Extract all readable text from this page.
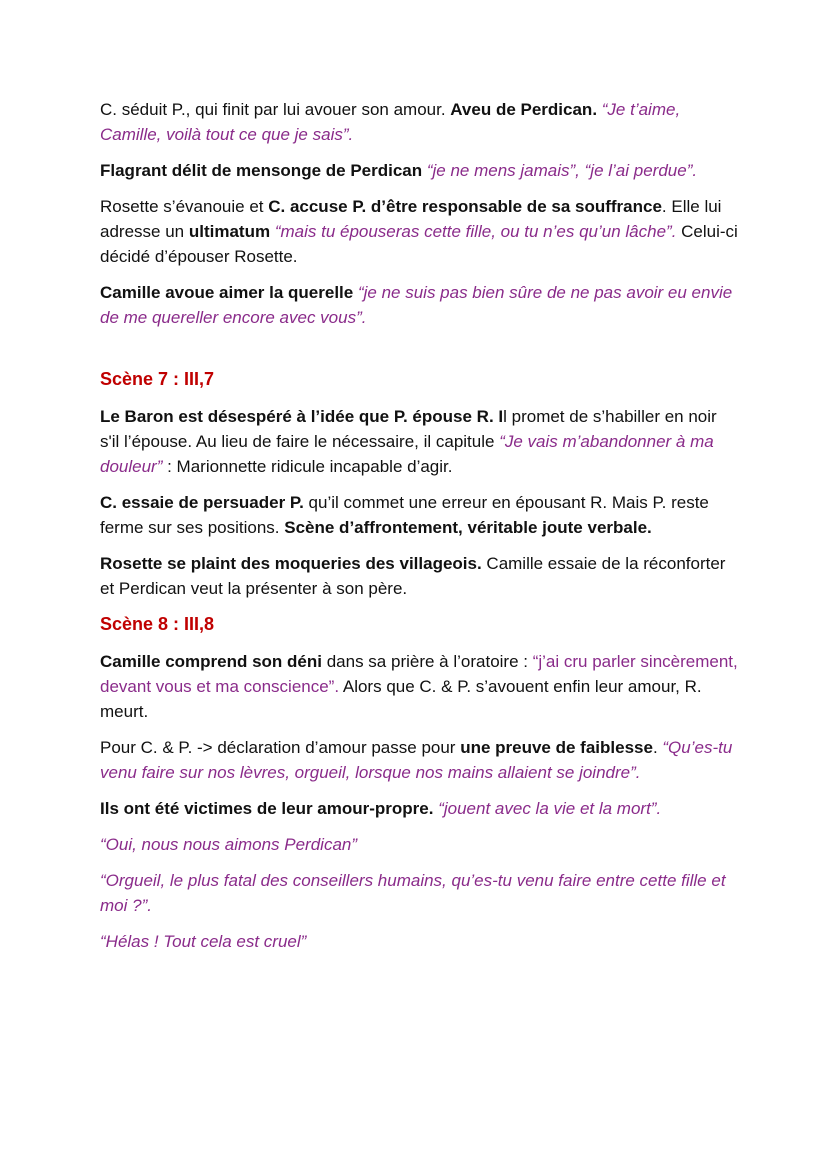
C. séduit P., qui finit par lui avouer son amour. Aveu de Perdican. “Je t’aime, Camille, voilà tout ce que je sais”.

Flagrant délit de mensonge de Perdican “je ne mens jamais”, “je l’ai perdue”.

Rosette s’évanouie et C. accuse P. d’être responsable de sa souffrance. Elle lui adresse un ultimatum “mais tu épouseras cette fille, ou tu n’es qu’un lâche”. Celui-ci décidé d’épouser Rosette.

Camille avoue aimer la querelle “je ne suis pas bien sûre de ne pas avoir eu envie de me quereller encore avec vous”.

Scène 7 : III,7

Le Baron est désespéré à l’idée que P. épouse R. Il promet de s’habiller en noir s'il l’épouse. Au lieu de faire le nécessaire, il capitule “Je vais m’abandonner à ma douleur” : Marionnette ridicule incapable d’agir.

C. essaie de persuader P. qu’il commet une erreur en épousant R. Mais P. reste ferme sur ses positions. Scène d’affrontement, véritable joute verbale.

Rosette se plaint des moqueries des villageois. Camille essaie de la réconforter et Perdican veut la présenter à son père.

Scène 8 : III,8

Camille comprend son déni dans sa prière à l’oratoire : “j’ai cru parler sincèrement, devant vous et ma conscience”. Alors que C. & P. s’avouent enfin leur amour, R. meurt.

Pour C. & P. -> déclaration d’amour passe pour une preuve de faiblesse. “Qu’es-tu venu faire sur nos lèvres, orgueil, lorsque nos mains allaient se joindre”.

Ils ont été victimes de leur amour-propre. “jouent avec la vie et la mort”.

“Oui, nous nous aimons Perdican”

“Orgueil, le plus fatal des conseillers humains, qu’es-tu venu faire entre cette fille et moi ?”.

“Hélas ! Tout cela est cruel”
